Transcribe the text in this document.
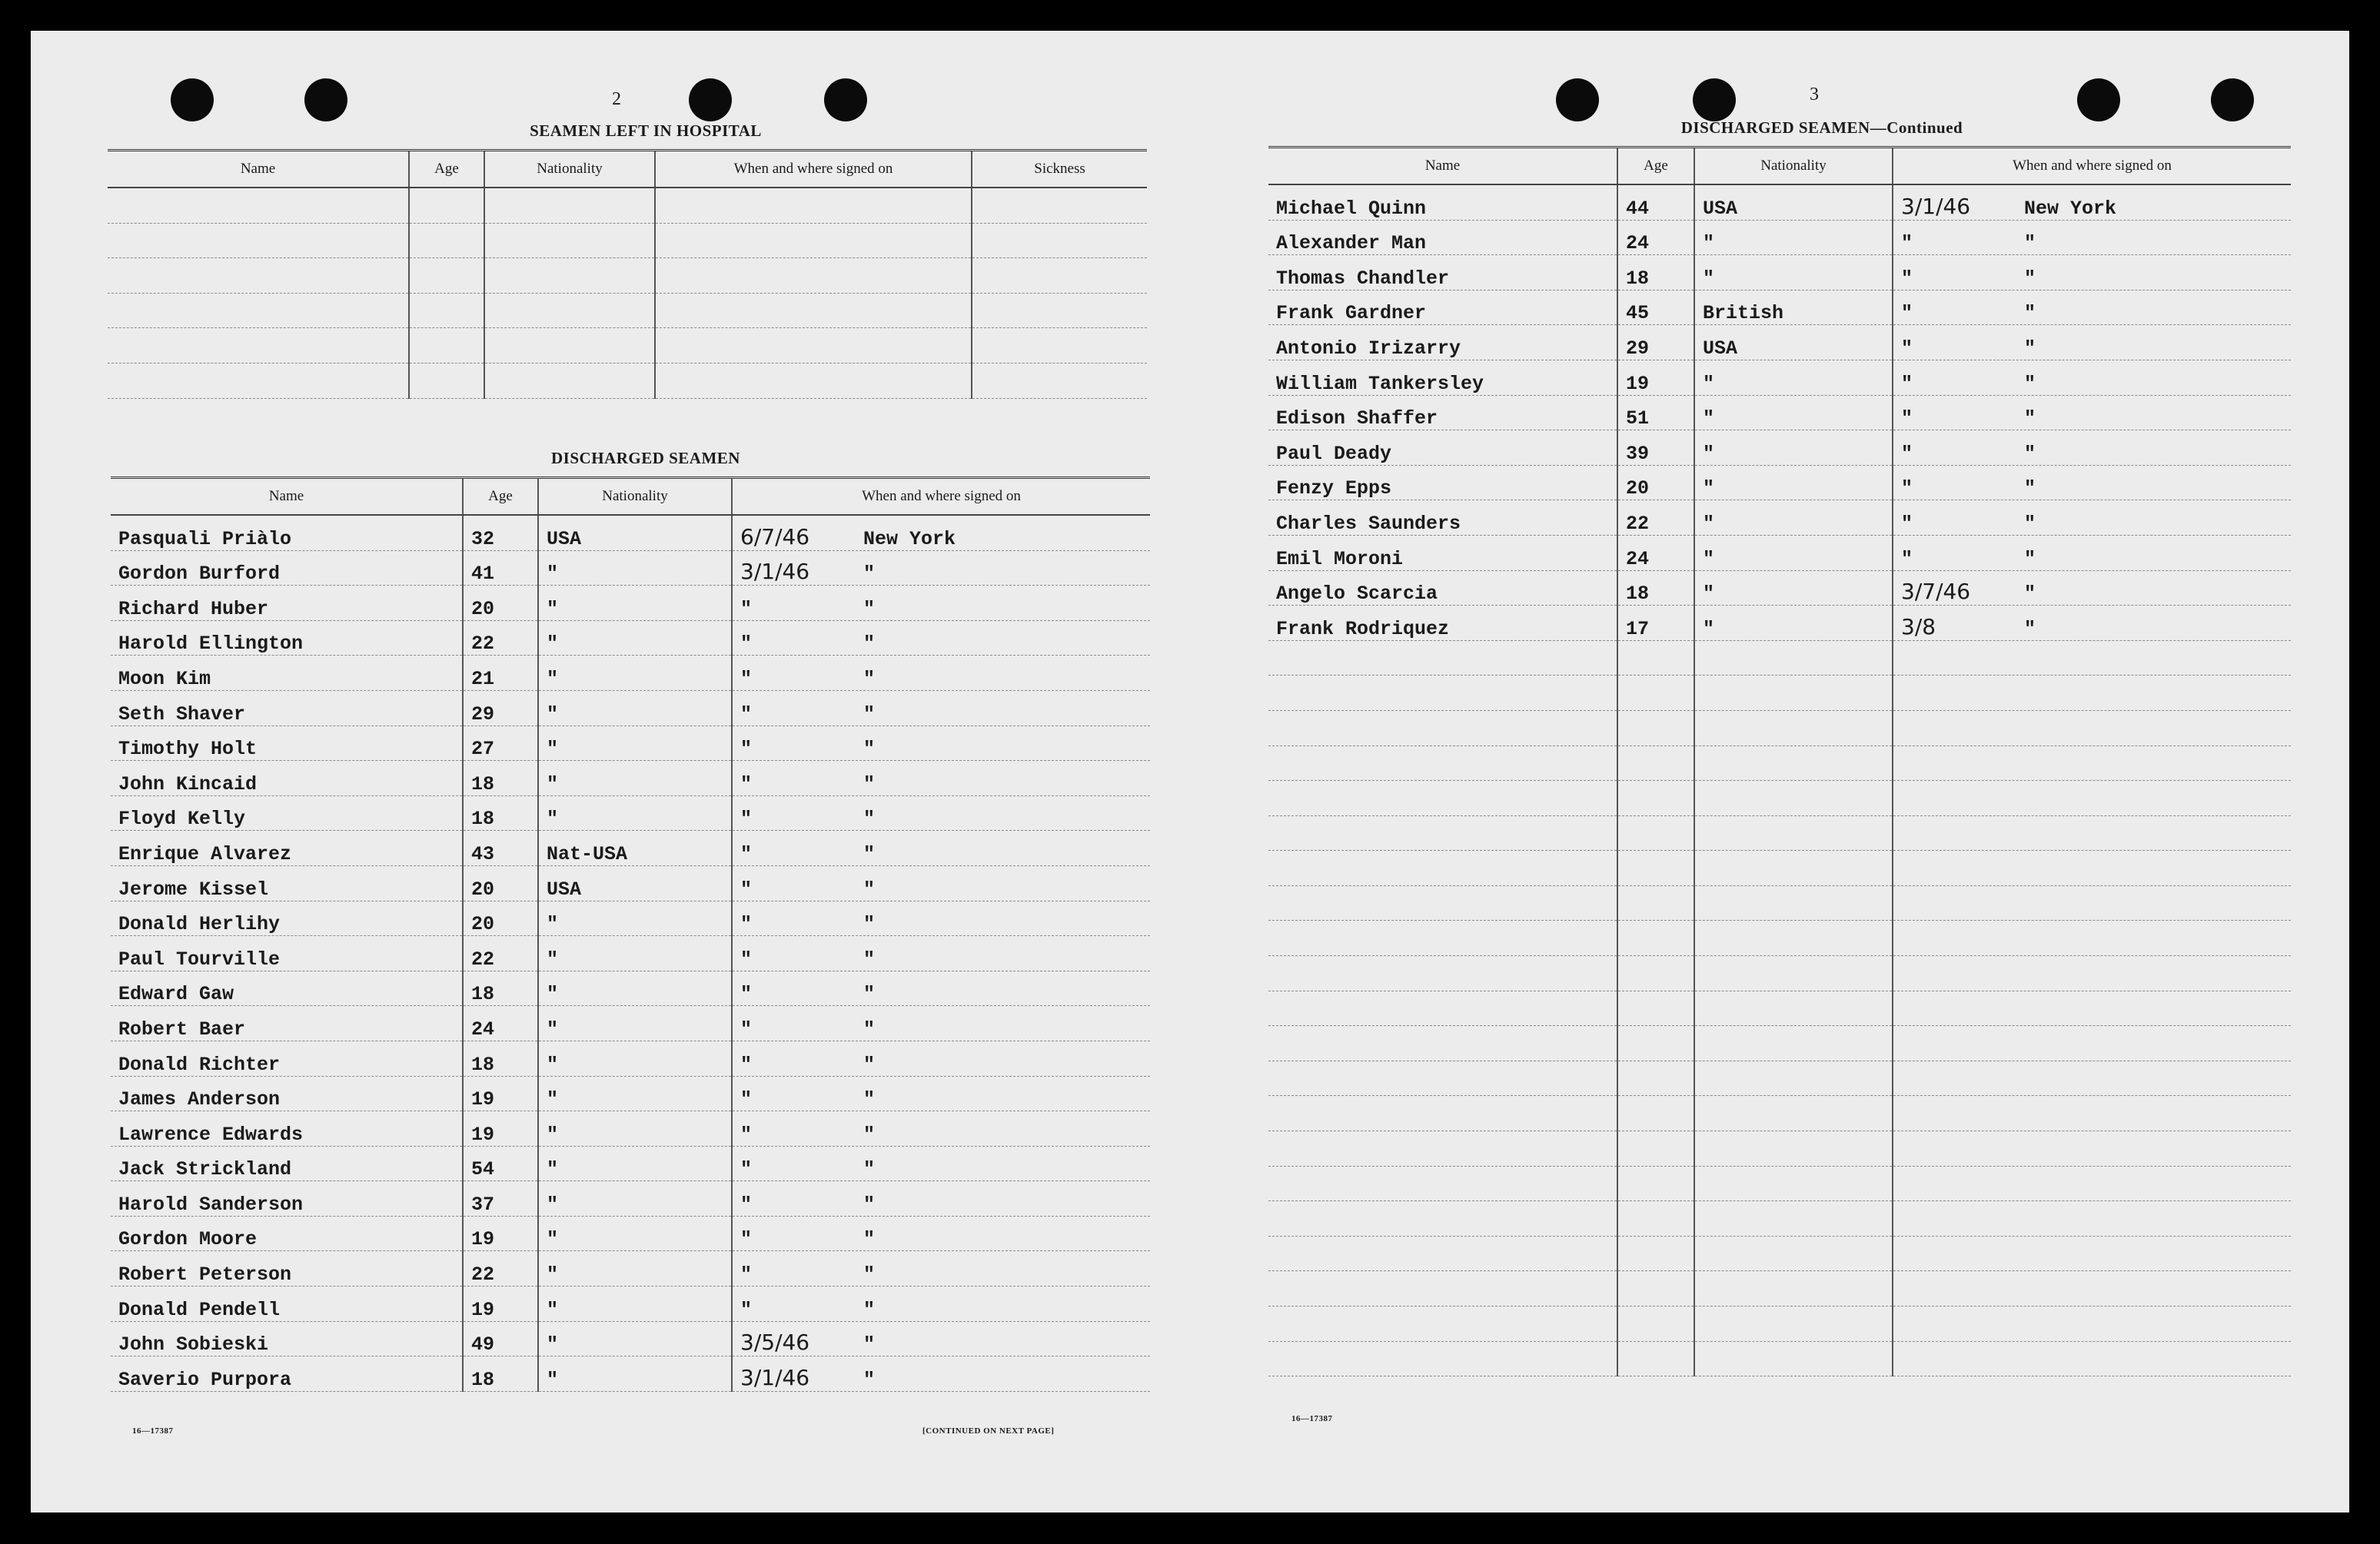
2
SEAMEN LEFT IN HOSPITAL
Name	Age	Nationality	When and where signed on	Sickness

DISCHARGED SEAMEN
Name	Age	Nationality	When and where signed on
Pasquali Priàlo	32	USA	6/7/46 New York
Gordon Burford	41	"	3/1/46 "
Richard Huber	20	"	" "
Harold Ellington	22	"	" "
Moon Kim	21	"	" "
Seth Shaver	29	"	" "
Timothy Holt	27	"	" "
John Kincaid	18	"	" "
Floyd Kelly	18	"	" "
Enrique Alvarez	43	Nat-USA	" "
Jerome Kissel	20	USA	" "
Donald Herlihy	20	"	" "
Paul Tourville	22	"	" "
Edward Gaw	18	"	" "
Robert Baer	24	"	" "
Donald Richter	18	"	" "
James Anderson	19	"	" "
Lawrence Edwards	19	"	" "
Jack Strickland	54	"	" "
Harold Sanderson	37	"	" "
Gordon Moore	19	"	" "
Robert Peterson	22	"	" "
Donald Pendell	19	"	" "
John Sobieski	49	"	3/5/46 "
Saverio Purpora	18	"	3/1/46 "
16—17387	[CONTINUED ON NEXT PAGE]
3
DISCHARGED SEAMEN—Continued
Name	Age	Nationality	When and where signed on
Michael Quinn	44	USA	3/1/46 New York
Alexander Man	24	"	" "
Thomas Chandler	18	"	" "
Frank Gardner	45	British	" "
Antonio Irizarry	29	USA	" "
William Tankersley	19	"	" "
Edison Shaffer	51	"	" "
Paul Deady	39	"	" "
Fenzy Epps	20	"	" "
Charles Saunders	22	"	" "
Emil Moroni	24	"	" "
Angelo Scarcia	18	"	3/7/46 "
Frank Rodriquez	17	"	3/8 "

16—17387
